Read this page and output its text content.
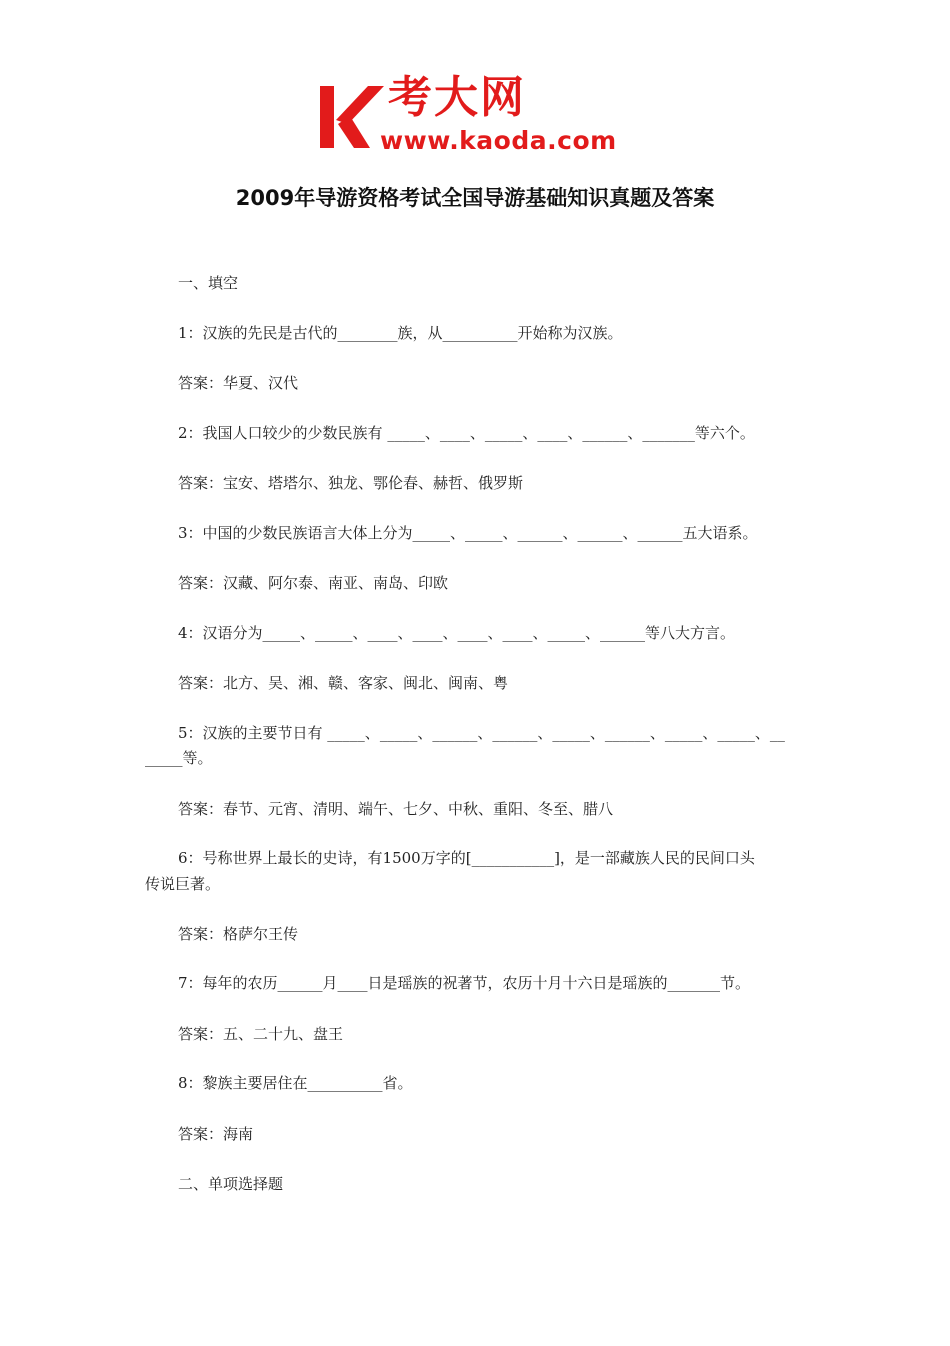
考大网
www.kaoda.com
2009年导游资格考试全国导游基础知识真题及答案
一、填空
1：汉族的先民是古代的________族，从__________开始称为汉族。
答案：华夏、汉代
2：我国人口较少的少数民族有 _____、____、_____、____、______、_______等六个。
答案：宝安、塔塔尔、独龙、鄂伦春、赫哲、俄罗斯
3：中国的少数民族语言大体上分为_____、_____、______、______、______五大语系。
答案：汉藏、阿尔泰、南亚、南岛、印欧
4：汉语分为_____、_____、____、____、____、____、_____、______等八大方言。
答案：北方、吴、湘、赣、客家、闽北、闽南、粤
5：汉族的主要节日有 _____、_____、______、______、_____、______、_____、_____、__
_____等。
答案：春节、元宵、清明、端午、七夕、中秋、重阳、冬至、腊八
6：号称世界上最长的史诗，有1500万字的[___________]，是一部藏族人民的民间口头
传说巨著。
答案：格萨尔王传
7：每年的农历______月____日是瑶族的祝著节，农历十月十六日是瑶族的_______节。
答案：五、二十九、盘王
8：黎族主要居住在__________省。
答案：海南
二、单项选择题
